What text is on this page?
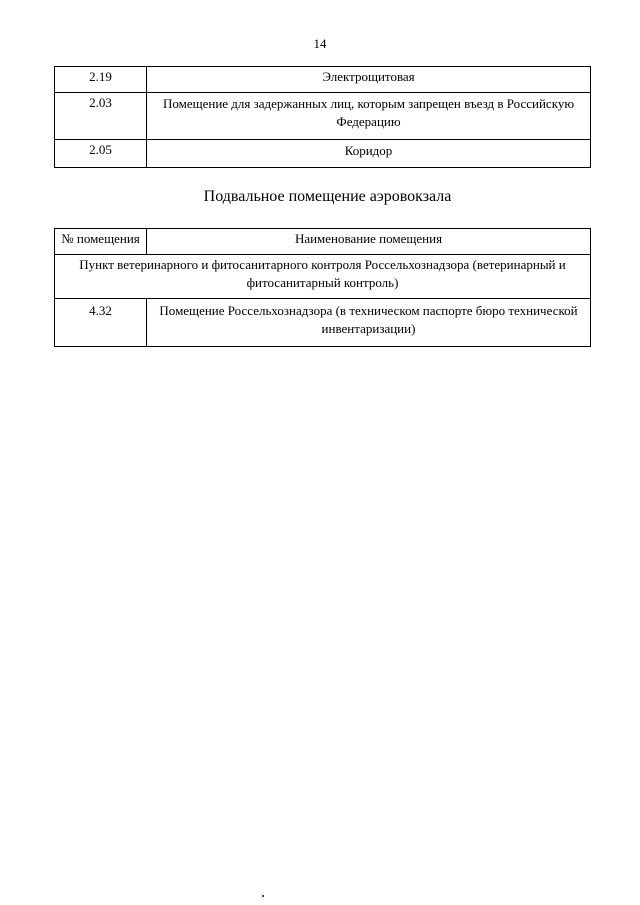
14
2.19	Электрощитовая
2.03	Помещение для задержанных лиц, которым запрещен въезд в Российскую Федерацию
2.05	Коридор
Подвальное помещение аэровокзала
№ помещения	Наименование помещения
Пункт ветеринарного и фитосанитарного контроля Россельхознадзора (ветеринарный и фитосанитарный контроль)	
4.32	Помещение Россельхознадзора (в техническом паспорте бюро технической инвентаризации)
